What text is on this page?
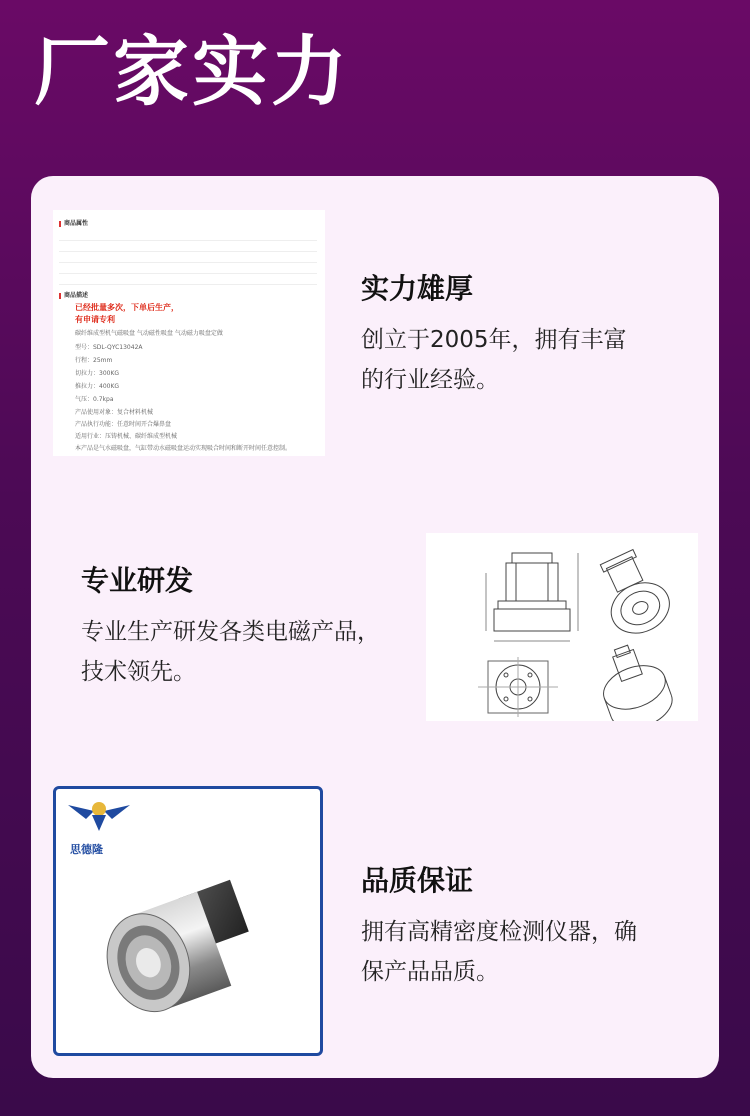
厂家实力
商品属性
商品描述
已经批量多次，下单后生产，
有申请专利
碳纤维成型机气磁吸盘 气动磁性吸盘 气动磁力吸盘定做
型号：SDL-QYC13042A
行程：25mm
切拉力：300KG
推拉力：400KG
气压：0.7kpa
产品使用对象：复合材料机械
产品执行功能：任意时间开合爆鼻盘
适用行业：压铸机械、碳纤维成型机械
本产品是气水磁吸盘，气缸带动水磁吸盘运动实现吸合时间和断开时间任意控制。
实力雄厚
创立于2005年，拥有丰富
的行业经验。
专业研发
专业生产研发各类电磁产品，
技术领先。
思德隆
品质保证
拥有高精密度检测仪器，确
保产品品质。
